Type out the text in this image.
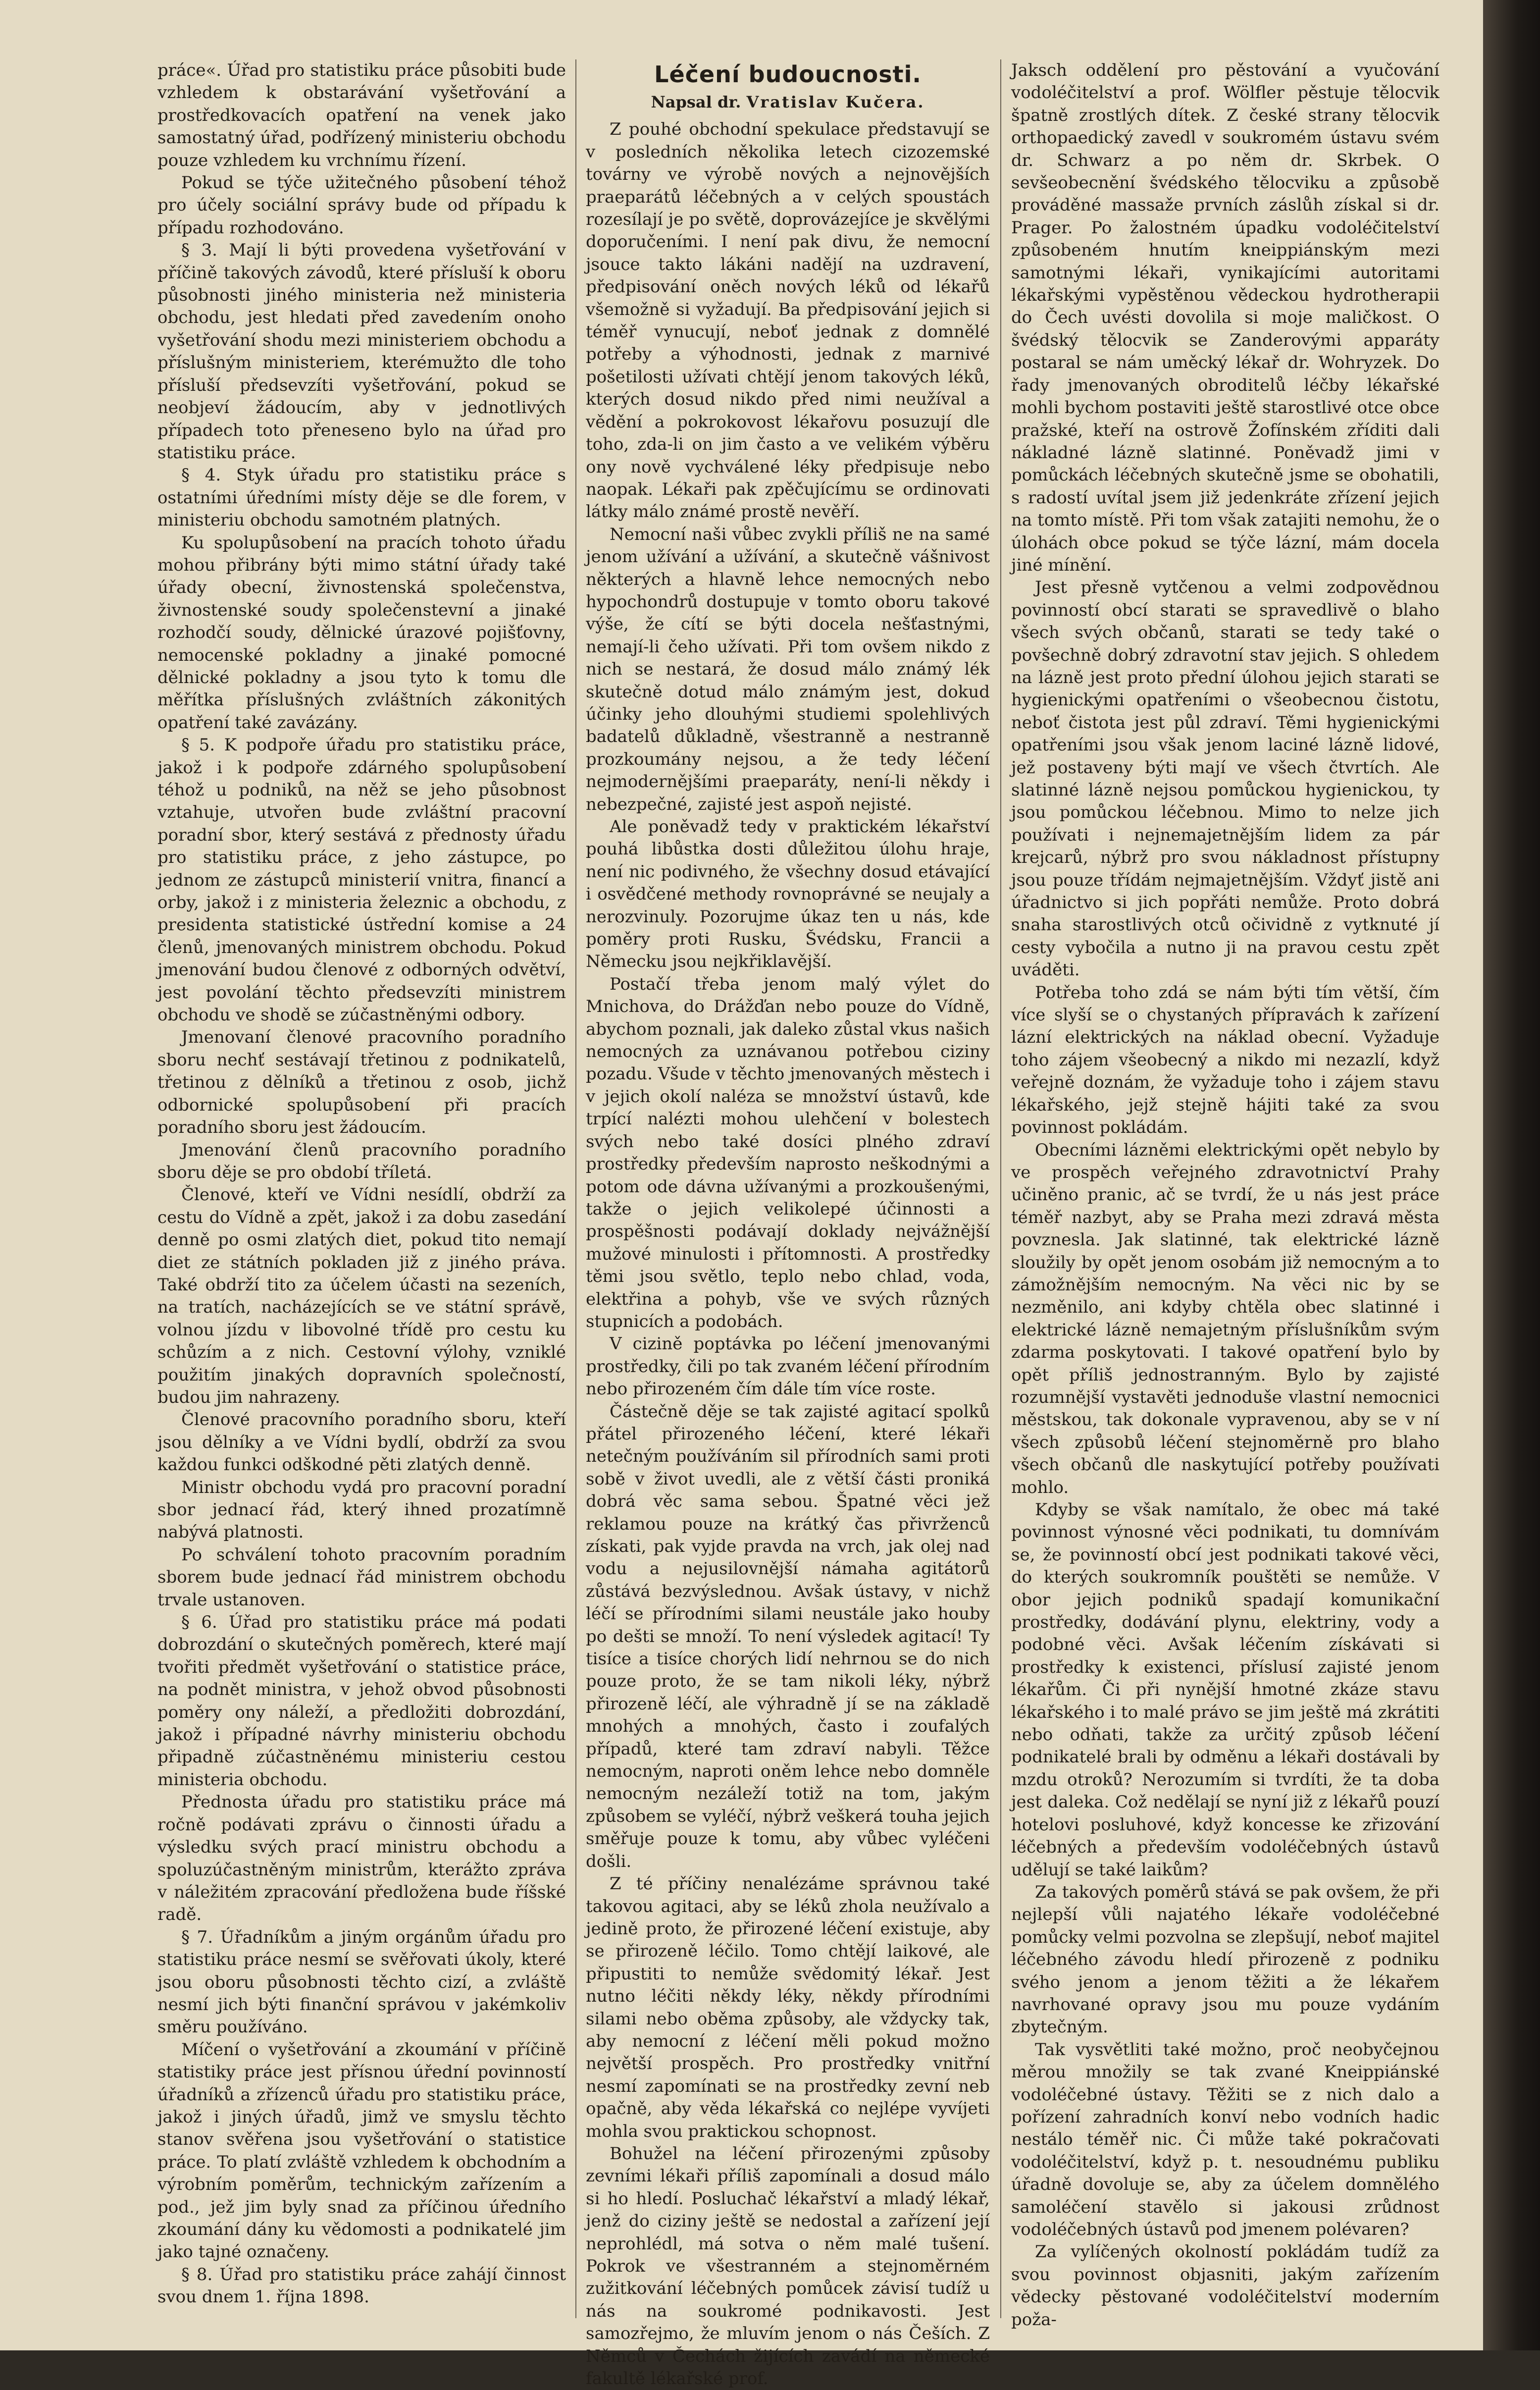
práce«. Úřad pro statistiku práce působiti bude vzhledem k obstarávání vyšetřování a prostředkovacích opatření na venek jako samostatný úřad, podřízený ministeriu obchodu pouze vzhledem ku vrchnímu řízení.

Pokud se týče užitečného působení téhož pro účely sociální správy bude od případu k případu rozhodováno.

§ 3. Mají li býti provedena vyšetřování v příčině takových závodů, které přísluší k oboru působnosti jiného ministeria než ministeria obchodu, jest hledati před zavedením onoho vyšetřování shodu mezi ministeriem obchodu a příslušným ministeriem, kterémužto dle toho přísluší předsevzíti vyšetřování, pokud se neobjeví žádoucím, aby v jednotlivých případech toto přeneseno bylo na úřad pro statistiku práce.

§ 4. Styk úřadu pro statistiku práce s ostatními úředními místy děje se dle forem, v ministeriu obchodu samotném platných.

Ku spolupůsobení na pracích tohoto úřadu mohou přibrány býti mimo státní úřady také úřady obecní, živnostenská společenstva, živnostenské soudy společenstevní a jinaké rozhodčí soudy, dělnické úrazové pojišťovny, nemocenské pokladny a jinaké pomocné dělnické pokladny a jsou tyto k tomu dle měřítka příslušných zvláštních zákonitých opatření také zavázány.

§ 5. K podpoře úřadu pro statistiku práce, jakož i k podpoře zdárného spolupůsobení téhož u podniků, na něž se jeho působnost vztahuje, utvořen bude zvláštní pracovní poradní sbor, který sestává z přednosty úřadu pro statistiku práce, z jeho zástupce, po jednom ze zástupců ministerií vnitra, financí a orby, jakož i z ministeria železnic a obchodu, z presidenta statistické ústřední komise a 24 členů, jmenovaných ministrem obchodu. Pokud jmenování budou členové z odborných odvětví, jest povolání těchto předsevzíti ministrem obchodu ve shodě se zúčastněnými odbory.

Jmenovaní členové pracovního poradního sboru nechť sestávají třetinou z podnikatelů, třetinou z dělníků a třetinou z osob, jichž odbornické spolupůsobení při pracích poradního sboru jest žádoucím.

Jmenování členů pracovního poradního sboru děje se pro období tříletá.

Členové, kteří ve Vídni nesídlí, obdrží za cestu do Vídně a zpět, jakož i za dobu zasedání denně po osmi zlatých diet, pokud tito nemají diet ze státních pokladen již z jiného práva. Také obdrží tito za účelem účasti na sezeních, na tratích, nacházejících se ve státní správě, volnou jízdu v libovolné třídě pro cestu ku schůzím a z nich. Cestovní výlohy, vzniklé použitím jinakých dopravních společností, budou jim nahrazeny.

Členové pracovního poradního sboru, kteří jsou dělníky a ve Vídni bydlí, obdrží za svou každou funkci odškodné pěti zlatých denně.

Ministr obchodu vydá pro pracovní poradní sbor jednací řád, který ihned prozatímně nabývá platnosti.

Po schválení tohoto pracovním poradním sborem bude jednací řád ministrem obchodu trvale ustanoven.

§ 6. Úřad pro statistiku práce má podati dobrozdání o skutečných poměrech, které mají tvořiti předmět vyšetřování o statistice práce, na podnět ministra, v jehož obvod působnosti poměry ony náleží, a předložiti dobrozdání, jakož i případné návrhy ministeriu obchodu připadně zúčastněnému ministeriu cestou ministeria obchodu.

Přednosta úřadu pro statistiku práce má ročně podávati zprávu o činnosti úřadu a výsledku svých prací ministru obchodu a spoluzúčastněným ministrům, kterážto zpráva v náležitém zpracování předložena bude říšské radě.

§ 7. Úřadníkům a jiným orgánům úřadu pro statistiku práce nesmí se svěřovati úkoly, které jsou oboru působnosti těchto cizí, a zvláště nesmí jich býti finanční správou v jakémkoliv směru používáno.

Míčení o vyšetřování a zkoumání v příčině statistiky práce jest přísnou úřední povinností úřadníků a zřízenců úřadu pro statistiku práce, jakož i jiných úřadů, jimž ve smyslu těchto stanov svěřena jsou vyšetřování o statistice práce. To platí zvláště vzhledem k obchodním a výrobním poměrům, technickým zařízením a pod., jež jim byly snad za příčinou úředního zkoumání dány ku vědomosti a podnikatelé jim jako tajné označeny.

§ 8. Úřad pro statistiku práce zahájí činnost svou dnem 1. října 1898.

Léčení budoucnosti.

Napsal dr. Vratislav Kučera.

Z pouhé obchodní spekulace představují se v posledních několika letech cizozemské továrny ve výrobě nových a nejnovějších praeparátů léčebných a v celých spoustách rozesílají je po světě, doprovázejíce je skvělými doporučeními. I není pak divu, že nemocní jsouce takto lákáni nadějí na uzdravení, předpisování oněch nových léků od lékařů všemožně si vyžadují. Ba předpisování jejich si téměř vynucují, neboť jednak z domnělé potřeby a výhodnosti, jednak z marnivé pošetilosti užívati chtějí jenom takových léků, kterých dosud nikdo před nimi neužíval a vědění a pokrokovost lékařovu posuzují dle toho, zda-li on jim často a ve velikém výběru ony nově vychválené léky předpisuje nebo naopak. Lékaři pak zpěčujícímu se ordinovati látky málo známé prostě nevěří.

Nemocní naši vůbec zvykli příliš ne na samé jenom užívání a užívání, a skutečně vášnivost některých a hlavně lehce nemocných nebo hypochondrů dostupuje v tomto oboru takové výše, že cítí se býti docela nešťastnými, nemají-li čeho užívati. Při tom ovšem nikdo z nich se nestará, že dosud málo známý lék skutečně dotud málo známým jest, dokud účinky jeho dlouhými studiemi spolehlivých badatelů důkladně, všestranně a nestranně prozkoumány nejsou, a že tedy léčení nejmodernějšími praeparáty, není-li někdy i nebezpečné, zajisté jest aspoň nejisté.

Ale poněvadž tedy v praktickém lékařství pouhá libůstka dosti důležitou úlohu hraje, není nic podivného, že všechny dosud etávající i osvědčené methody rovnoprávné se neujaly a nerozvinuly. Pozorujme úkaz ten u nás, kde poměry proti Rusku, Švédsku, Francii a Německu jsou nejkřiklavější.

Postačí třeba jenom malý výlet do Mnichova, do Drážďan nebo pouze do Vídně, abychom poznali, jak daleko zůstal vkus našich nemocných za uznávanou potřebou ciziny pozadu. Všude v těchto jmenovaných městech i v jejich okolí naléza se množství ústavů, kde trpící nalézti mohou ulehčení v bolestech svých nebo také dosíci plného zdraví prostředky především naprosto neškodnými a potom ode dávna užívanými a prozkoušenými, takže o jejich velikolepé účinnosti a prospěšnosti podávají doklady nejvážnější mužové minulosti i přítomnosti. A prostředky těmi jsou světlo, teplo nebo chlad, voda, elektřina a pohyb, vše ve svých různých stupnicích a podobách.

V cizině poptávka po léčení jmenovanými prostředky, čili po tak zvaném léčení přírodním nebo přirozeném čím dále tím více roste.

Částečně děje se tak zajisté agitací spolků přátel přirozeného léčení, které lékaři netečným používáním sil přírodních sami proti sobě v život uvedli, ale z větší části proniká dobrá věc sama sebou. Špatné věci jež reklamou pouze na krátký čas přivrženců získati, pak vyjde pravda na vrch, jak olej nad vodu a nejusilovnější námaha agitátorů zůstává bezvýslednou. Avšak ústavy, v nichž léčí se přírodními silami neustále jako houby po dešti se množí. To není výsledek agitací! Ty tisíce a tisíce chorých lidí nehrnou se do nich pouze proto, že se tam nikoli léky, nýbrž přirozeně léčí, ale výhradně jí se na základě mnohých a mnohých, často i zoufalých případů, které tam zdraví nabyli. Těžce nemocným, naproti oněm lehce nebo domněle nemocným nezáleží totiž na tom, jakým způsobem se vyléčí, nýbrž veškerá touha jejich směřuje pouze k tomu, aby vůbec vyléčeni došli.

Z té příčiny nenalézáme správnou také takovou agitaci, aby se léků zhola neužívalo a jedině proto, že přirozené léčení existuje, aby se přirozeně léčilo. Tomo chtějí laikové, ale připustiti to nemůže svědomitý lékař. Jest nutno léčiti někdy léky, někdy přírodními silami nebo oběma způsoby, ale vždycky tak, aby nemocní z léčení měli pokud možno největší prospěch. Pro prostředky vnitřní nesmí zapomínati se na prostředky zevní neb opačně, aby věda lékařská co nejlépe vyvíjeti mohla svou praktickou schopnost.

Bohužel na léčení přirozenými způsoby zevními lékaři příliš zapomínali a dosud málo si ho hledí. Posluchač lékařství a mladý lékař, jenž do ciziny ještě se nedostal a zařízení její neprohlédl, má sotva o něm malé tušení. Pokrok ve všestranném a stejnoměrném zužitkování léčebných pomůcek závisí tudíž u nás na soukromé podnikavosti. Jest samozřejmo, že mluvím jenom o nás Češích. Z Němců v Čechách žijících zavádí na německé fakultě lékařské prof.

Jaksch oddělení pro pěstování a vyučování vodoléčitelství a prof. Wölfler pěstuje tělocvik špatně zrostlých dítek. Z české strany tělocvik orthopaedický zavedl v soukromém ústavu svém dr. Schwarz a po něm dr. Skrbek. O sevšeobecnění švédského tělocviku a způsobě prováděné massaže prvních záslůh získal si dr. Prager. Po žalostném úpadku vodoléčitelství způsobeném hnutím kneippiánským mezi samotnými lékaři, vynikajícími autoritami lékařskými vypěstěnou vědeckou hydrotherapii do Čech uvésti dovolila si moje maličkost. O švédský tělocvik se Zanderovými apparáty postaral se nám uměcký lékař dr. Wohryzek. Do řady jmenovaných obroditelů léčby lékařské mohli bychom postaviti ještě starostlivé otce obce pražské, kteří na ostrově Žofínském zříditi dali nákladné lázně slatinné. Poněvadž jimi v pomůckách léčebných skutečně jsme se obohatili, s radostí uvítal jsem již jedenkráte zřízení jejich na tomto místě. Při tom však zatajiti nemohu, že o úlohách obce pokud se týče lázní, mám docela jiné mínění.

Jest přesně vytčenou a velmi zodpovědnou povinností obcí starati se spravedlivě o blaho všech svých občanů, starati se tedy také o povšechně dobrý zdravotní stav jejich. S ohledem na lázně jest proto přední úlohou jejich starati se hygienickými opatřeními o všeobecnou čistotu, neboť čistota jest půl zdraví. Těmi hygienickými opatřeními jsou však jenom laciné lázně lidové, jež postaveny býti mají ve všech čtvrtích. Ale slatinné lázně nejsou pomůckou hygienickou, ty jsou pomůckou léčebnou. Mimo to nelze jich používati i nejnemajetnějším lidem za pár krejcarů, nýbrž pro svou nákladnost přístupny jsou pouze třídám nejmajetnějším. Vždyť jistě ani úřadnictvo si jich popřáti nemůže. Proto dobrá snaha starostlivých otců očividně z vytknuté jí cesty vybočila a nutno ji na pravou cestu zpět uváděti.

Potřeba toho zdá se nám býti tím větší, čím více slyší se o chystaných přípravách k zařízení lázní elektrických na náklad obecní. Vyžaduje toho zájem všeobecný a nikdo mi nezazlí, když veřejně doznám, že vyžaduje toho i zájem stavu lékařského, jejž stejně hájiti také za svou povinnost pokládám.

Obecními lázněmi elektrickými opět nebylo by ve prospěch veřejného zdravotnictví Prahy učiněno pranic, ač se tvrdí, že u nás jest práce téměř nazbyt, aby se Praha mezi zdravá města povznesla. Jak slatinné, tak elektrické lázně sloužily by opět jenom osobám již nemocným a to zámožnějším nemocným. Na věci nic by se nezměnilo, ani kdyby chtěla obec slatinné i elektrické lázně nemajetným příslušníkům svým zdarma poskytovati. I takové opatření bylo by opět příliš jednostranným. Bylo by zajisté rozumnější vystavěti jednoduše vlastní nemocnici městskou, tak dokonale vypravenou, aby se v ní všech způsobů léčení stejnoměrně pro blaho všech občanů dle naskytující potřeby používati mohlo.

Kdyby se však namítalo, že obec má také povinnost výnosné věci podnikati, tu domnívám se, že povinností obcí jest podnikati takové věci, do kterých soukromník pouštěti se nemůže. V obor jejich podniků spadají komunikační prostředky, dodávání plynu, elektriny, vody a podobné věci. Avšak léčením získávati si prostředky k existenci, příslusí zajisté jenom lékařům. Či při nynější hmotné zkáze stavu lékařského i to malé právo se jim ještě má zkrátiti nebo odňati, takže za určitý způsob léčení podnikatelé brali by odměnu a lékaři dostávali by mzdu otroků? Nerozumím si tvrdíti, že ta doba jest daleka. Což nedělají se nyní již z lékařů pouzí hotelovi posluhové, když koncesse ke zřizování léčebných a především vodoléčebných ústavů udělují se také laikům?

Za takových poměrů stává se pak ovšem, že při nejlepší vůli najatého lékaře vodoléčebné pomůcky velmi pozvolna se zlepšují, neboť majitel léčebného závodu hledí přirozeně z podniku svého jenom a jenom těžiti a že lékařem navrhované opravy jsou mu pouze vydáním zbytečným.

Tak vysvětliti také možno, proč neobyčejnou měrou množily se tak zvané Kneippiánské vodoléčebné ústavy. Těžiti se z nich dalo a pořízení zahradních konví nebo vodních hadic nestálo téměř nic. Či může také pokračovati vodoléčitelství, když p. t. nesoudnému publiku úřadně dovoluje se, aby za účelem domnělého samoléčení stavělo si jakousi zrůdnost vodoléčebných ústavů pod jmenem polévaren?

Za vylíčených okolností pokládám tudíž za svou povinnost objasniti, jakým zařízením vědecky pěstované vodoléčitelství moderním poža-
